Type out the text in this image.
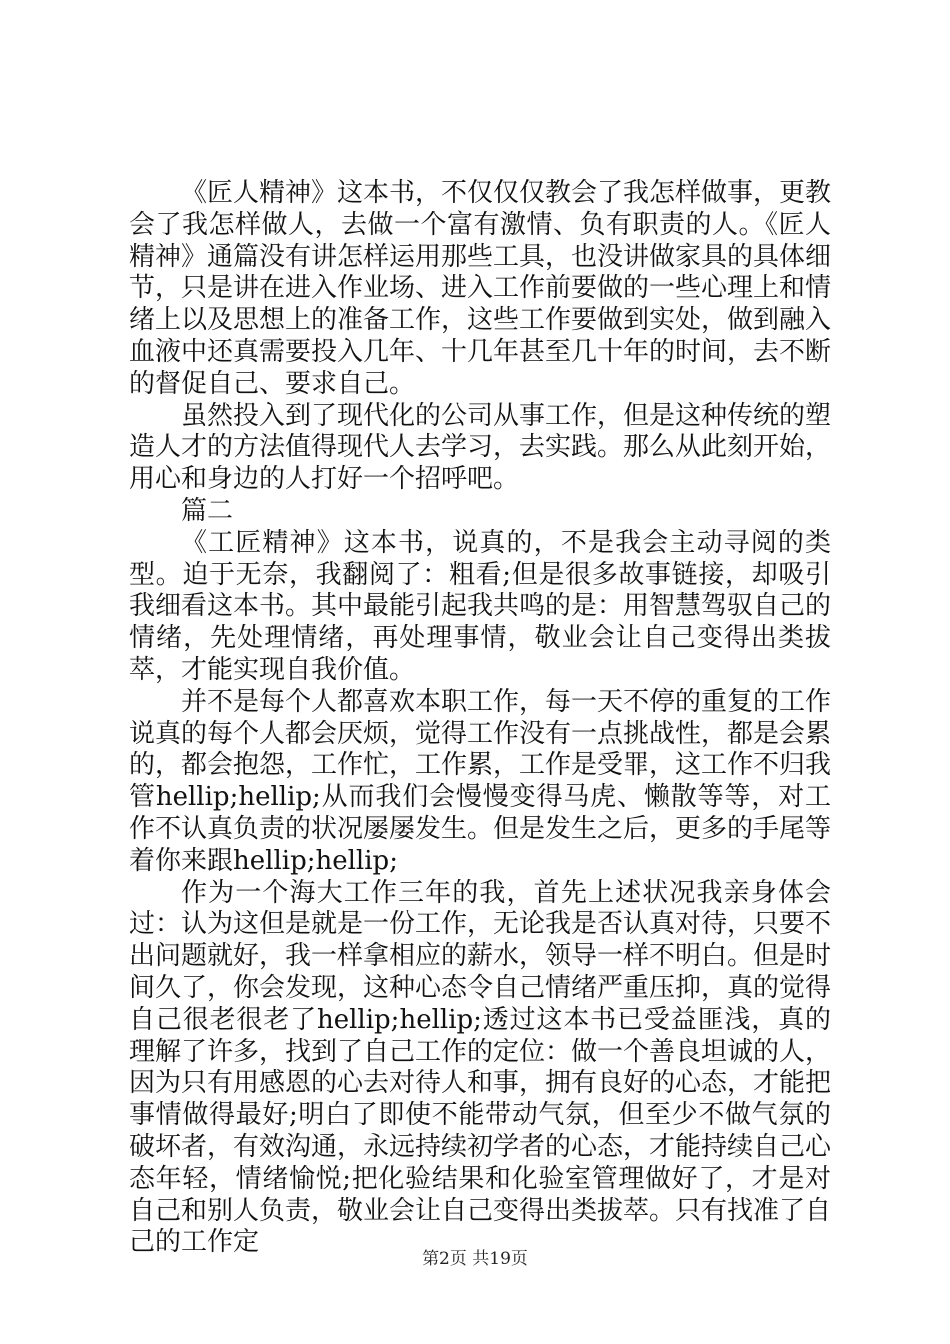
《匠人精神》这本书，不仅仅仅教会了我怎样做事，更教会了我怎样做人，去做一个富有激情、负有职责的人。《匠人精神》通篇没有讲怎样运用那些工具，也没讲做家具的具体细节，只是讲在进入作业场、进入工作前要做的一些心理上和情绪上以及思想上的准备工作，这些工作要做到实处，做到融入血液中还真需要投入几年、十几年甚至几十年的时间，去不断的督促自己、要求自己。

虽然投入到了现代化的公司从事工作，但是这种传统的塑造人才的方法值得现代人去学习，去实践。那么从此刻开始，用心和身边的人打好一个招呼吧。

篇二

《工匠精神》这本书，说真的，不是我会主动寻阅的类型。迫于无奈，我翻阅了：粗看;但是很多故事链接，却吸引我细看这本书。其中最能引起我共鸣的是：用智慧驾驭自己的情绪，先处理情绪，再处理事情，敬业会让自己变得出类拔萃，才能实现自我价值。

并不是每个人都喜欢本职工作，每一天不停的重复的工作说真的每个人都会厌烦，觉得工作没有一点挑战性，都是会累的，都会抱怨，工作忙，工作累，工作是受罪，这工作不归我管hellip;hellip;从而我们会慢慢变得马虎、懒散等等，对工作不认真负责的状况屡屡发生。但是发生之后，更多的手尾等着你来跟hellip;hellip;

作为一个海大工作三年的我，首先上述状况我亲身体会过：认为这但是就是一份工作，无论我是否认真对待，只要不出问题就好，我一样拿相应的薪水，领导一样不明白。但是时间久了，你会发现，这种心态令自己情绪严重压抑，真的觉得自己很老很老了hellip;hellip;透过这本书已受益匪浅，真的理解了许多，找到了自己工作的定位：做一个善良坦诚的人，因为只有用感恩的心去对待人和事，拥有良好的心态，才能把事情做得最好;明白了即使不能带动气氛，但至少不做气氛的破坏者，有效沟通，永远持续初学者的心态，才能持续自己心态年轻，情绪愉悦;把化验结果和化验室管理做好了，才是对自己和别人负责，敬业会让自己变得出类拔萃。只有找准了自己的工作定

第2页 共19页
